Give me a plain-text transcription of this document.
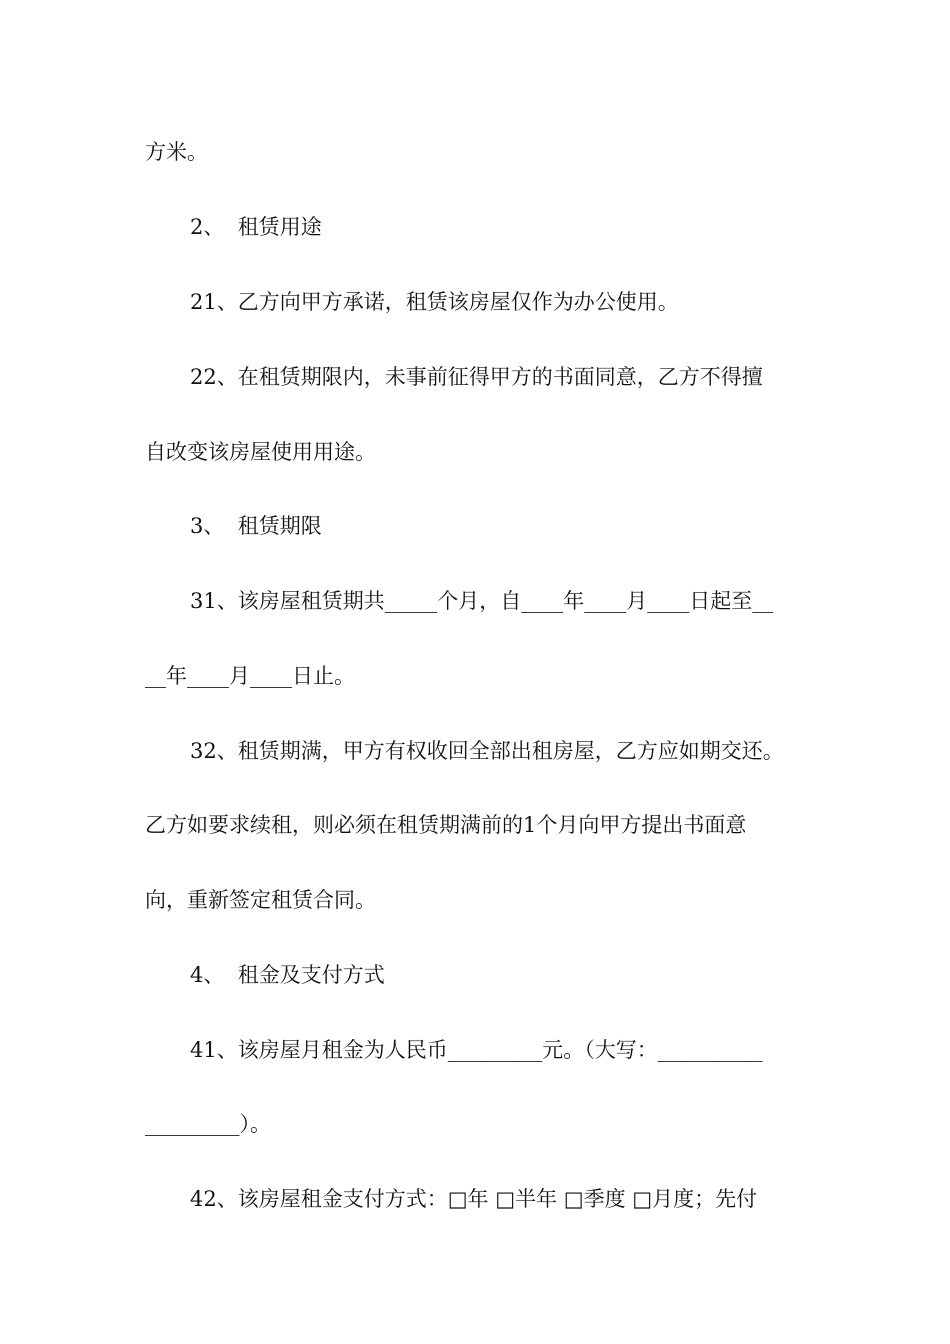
方米。

2、  租赁用途

21、乙方向甲方承诺，租赁该房屋仅作为办公使用。

22、在租赁期限内，未事前征得甲方的书面同意，乙方不得擅

自改变该房屋使用用途。

3、  租赁期限

31、该房屋租赁期共_____个月，自____年____月____日起至__

__年____月____日止。

32、租赁期满，甲方有权收回全部出租房屋，乙方应如期交还。

乙方如要求续租，则必须在租赁期满前的1个月向甲方提出书面意

向，重新签定租赁合同。

4、  租金及支付方式

41、该房屋月租金为人民币_________元。（大写：__________

_________）。

42、该房屋租金支付方式：□年 □半年 □季度 □月度；先付
